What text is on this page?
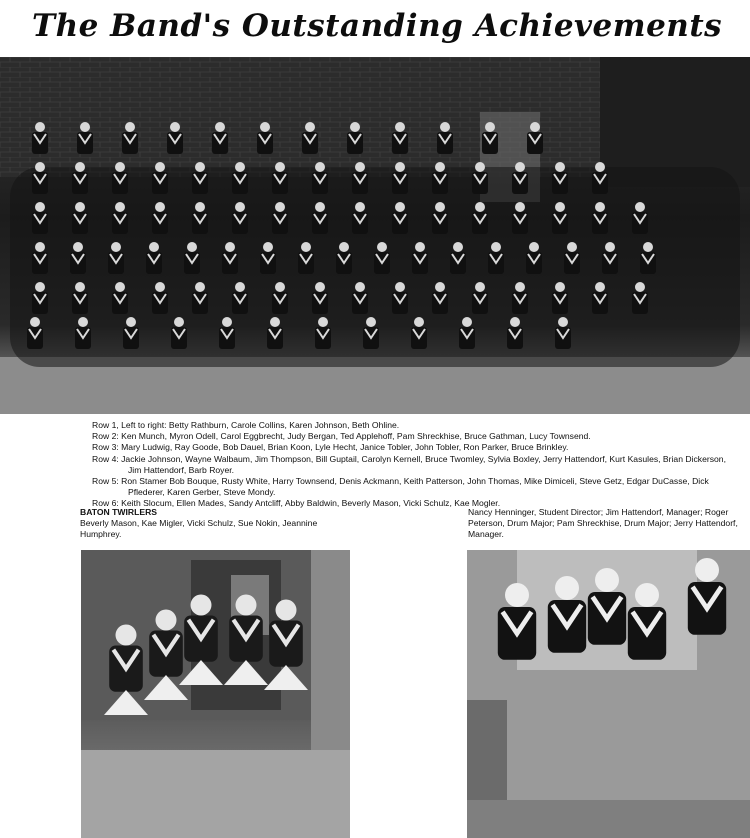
The Band's Outstanding Achievements
Row 1, Left to right: Betty Rathburn, Carole Collins, Karen Johnson, Beth Ohline.
Row 2: Ken Munch, Myron Odell, Carol Eggbrecht, Judy Bergan, Ted Applehoff, Pam Shreckhise, Bruce Gathman, Lucy Townsend.
Row 3: Mary Ludwig, Ray Goode, Bob Dauel, Brian Koon, Lyle Hecht, Janice Tobler, John Tobler, Ron Parker, Bruce Brinkley.
Row 4: Jackie Johnson, Wayne Walbaum, Jim Thompson, Bill Guptail, Carolyn Kernell, Bruce Twomley, Sylvia Boxley, Jerry Hattendorf, Kurt Kasules, Brian Dickerson, Jim Hattendorf, Barb Royer.
Row 5: Ron Stamer Bob Bouque, Rusty White, Harry Townsend, Denis Ackmann, Keith Patterson, John Thomas, Mike Dimiceli, Steve Getz, Edgar DuCasse, Dick Pflederer, Karen Gerber, Steve Mondy.
Row 6: Keith Slocum, Ellen Mades, Sandy Antcliff, Abby Baldwin, Beverly Mason, Vicki Schulz, Kae Mogler.
BATON TWIRLERS
Beverly Mason, Kae Migler, Vicki Schulz, Sue Nokin, Jeannine Humphrey.
Nancy Henninger, Student Director; Jim Hattendorf, Manager; Roger Peterson, Drum Major; Pam Shreckhise, Drum Major; Jerry Hattendorf, Manager.
